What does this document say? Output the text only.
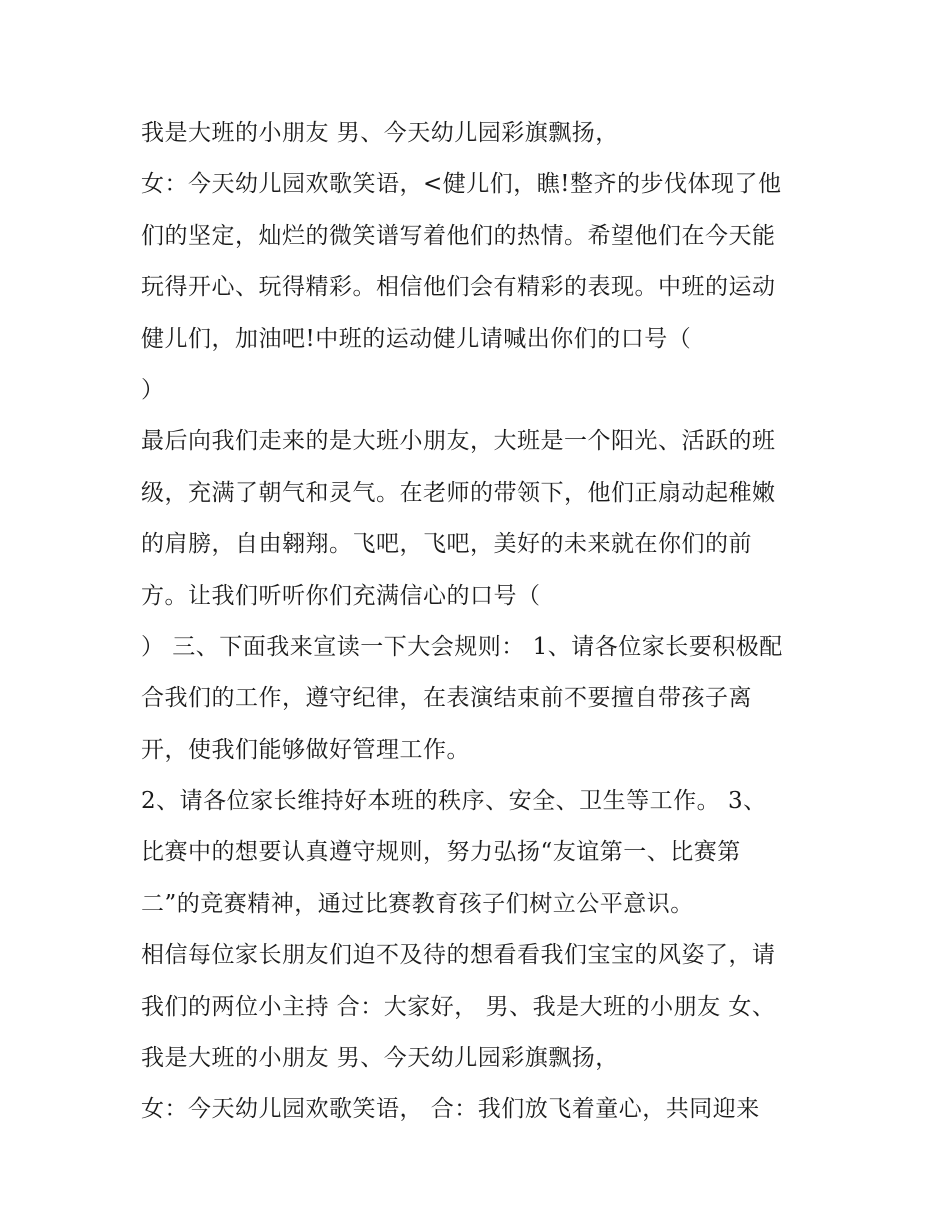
我是大班的小朋友 男、今天幼儿园彩旗飘扬，

女：今天幼儿园欢歌笑语，<健儿们，瞧!整齐的步伐体现了他

们的坚定，灿烂的微笑谱写着他们的热情。希望他们在今天能

玩得开心、玩得精彩。相信他们会有精彩的表现。中班的运动

健儿们，加油吧!中班的运动健儿请喊出你们的口号（

）

最后向我们走来的是大班小朋友，大班是一个阳光、活跃的班

级，充满了朝气和灵气。在老师的带领下，他们正扇动起稚嫩

的肩膀，自由翱翔。飞吧，飞吧，美好的未来就在你们的前

方。让我们听听你们充满信心的口号（

） 三、下面我来宣读一下大会规则： 1、请各位家长要积极配

合我们的工作，遵守纪律，在表演结束前不要擅自带孩子离

开，使我们能够做好管理工作。

2、请各位家长维持好本班的秩序、安全、卫生等工作。 3、

比赛中的想要认真遵守规则，努力弘扬“友谊第一、比赛第

二”的竞赛精神，通过比赛教育孩子们树立公平意识。

相信每位家长朋友们迫不及待的想看看我们宝宝的风姿了，请

我们的两位小主持 合：大家好， 男、我是大班的小朋友 女、

我是大班的小朋友 男、今天幼儿园彩旗飘扬，

女：今天幼儿园欢歌笑语， 合：我们放飞着童心，共同迎来
